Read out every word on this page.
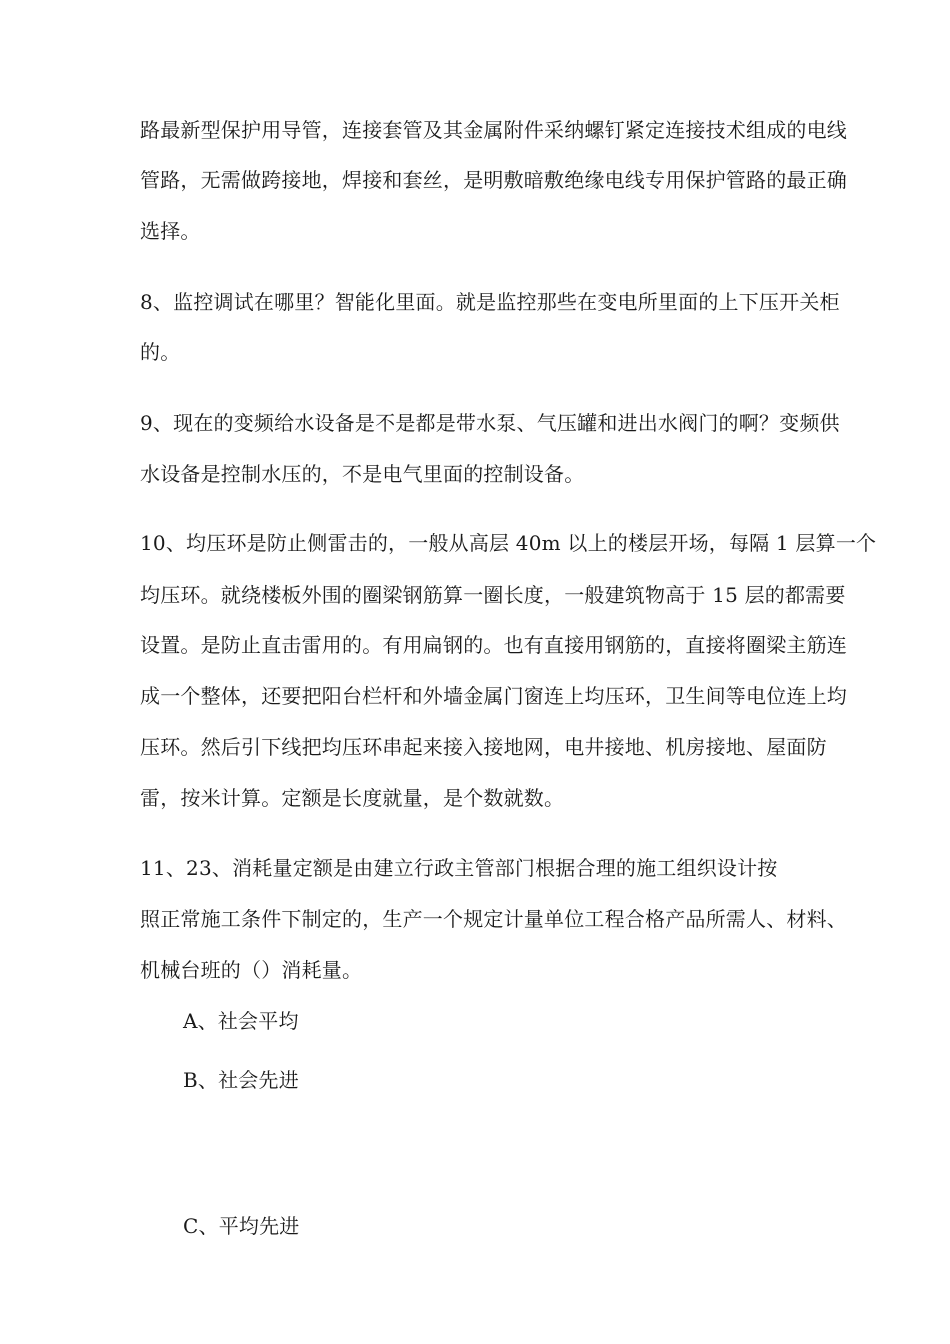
路最新型保护用导管，连接套管及其金属附件采纳螺钉紧定连接技术组成的电线
管路，无需做跨接地，焊接和套丝，是明敷暗敷绝缘电线专用保护管路的最正确
选择。
8、监控调试在哪里？智能化里面。就是监控那些在变电所里面的上下压开关柜
的。
9、现在的变频给水设备是不是都是带水泵、气压罐和进出水阀门的啊？变频供
水设备是控制水压的，不是电气里面的控制设备。
10、均压环是防止侧雷击的，一般从高层 40m 以上的楼层开场，每隔 1 层算一个
均压环。就绕楼板外围的圈梁钢筋算一圈长度，一般建筑物高于 15 层的都需要
设置。是防止直击雷用的。有用扁钢的。也有直接用钢筋的，直接将圈梁主筋连
成一个整体，还要把阳台栏杆和外墙金属门窗连上均压环，卫生间等电位连上均
压环。然后引下线把均压环串起来接入接地网，电井接地、机房接地、屋面防
雷，按米计算。定额是长度就量，是个数就数。
11、23、消耗量定额是由建立行政主管部门根据合理的施工组织设计按
照正常施工条件下制定的，生产一个规定计量单位工程合格产品所需人、材料、
机械台班的（）消耗量。
A、社会平均
B、社会先进
C、平均先进
